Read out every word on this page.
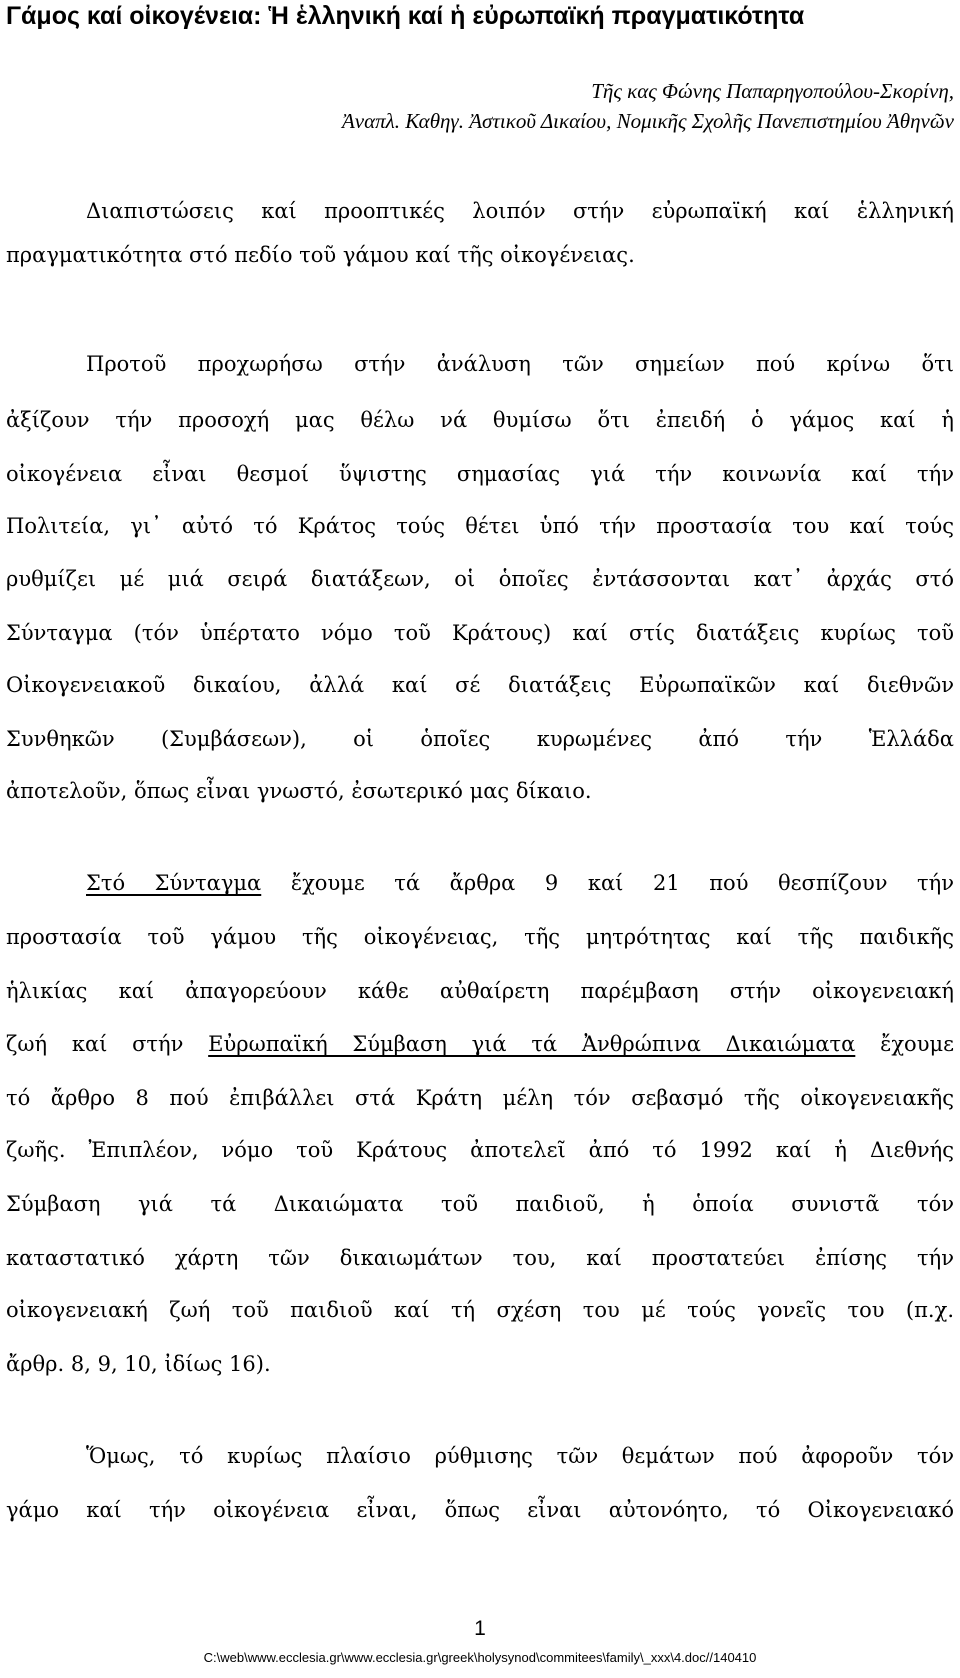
Γάμος καί οἰκογένεια: Ἡ ἑλληνική καί ἡ εὐρωπαϊκή πραγματικότητα
Τῆς κας Φώνης Παπαρηγοπούλου-Σκορίνη,
Ἀναπλ. Καθηγ. Ἀστικοῦ Δικαίου, Νομικῆς Σχολῆς Πανεπιστημίου Ἀθηνῶν
Διαπιστώσεις καί προοπτικές λοιπόν στήν εὐρωπαϊκή καί ἑλληνική
πραγματικότητα στό πεδίο τοῦ γάμου καί τῆς οἰκογένειας.
Προτοῦ προχωρήσω στήν ἀνάλυση τῶν σημείων πού κρίνω ὅτι
ἀξίζουν τήν προσοχή μας θέλω νά θυμίσω ὅτι ἐπειδή ὁ γάμος καί ἡ
οἰκογένεια εἶναι θεσμοί ὕψιστης σημασίας γιά τήν κοινωνία καί τήν
Πολιτεία, γι᾽ αὐτό τό Κράτος τούς θέτει ὑπό τήν προστασία του καί τούς
ρυθμίζει μέ μιά σειρά διατάξεων, οἱ ὁποῖες ἐντάσσονται κατ᾽ ἀρχάς στό
Σύνταγμα (τόν ὑπέρτατο νόμο τοῦ Κράτους) καί στίς διατάξεις κυρίως τοῦ
Οἰκογενειακοῦ δικαίου, ἀλλά καί σέ διατάξεις Εὐρωπαϊκῶν καί διεθνῶν
Συνθηκῶν (Συμβάσεων), οἱ ὁποῖες κυρωμένες ἀπό τήν Ἑλλάδα
ἀποτελοῦν, ὅπως εἶναι γνωστό, ἐσωτερικό μας δίκαιο.
Στό Σύνταγμα ἔχουμε τά ἄρθρα 9 καί 21 πού θεσπίζουν τήν
προστασία τοῦ γάμου τῆς οἰκογένειας, τῆς μητρότητας καί τῆς παιδικῆς
ἡλικίας καί ἀπαγορεύουν κάθε αὐθαίρετη παρέμβαση στήν οἰκογενειακή
ζωή καί στήν Εὐρωπαϊκή Σύμβαση γιά τά Ἀνθρώπινα Δικαιώματα ἔχουμε
τό ἄρθρο 8 πού ἐπιβάλλει στά Κράτη μέλη τόν σεβασμό τῆς οἰκογενειακῆς
ζωῆς. Ἐπιπλέον, νόμο τοῦ Κράτους ἀποτελεῖ ἀπό τό 1992 καί ἡ Διεθνής
Σύμβαση γιά τά Δικαιώματα τοῦ παιδιοῦ, ἡ ὁποία συνιστᾶ τόν
καταστατικό χάρτη τῶν δικαιωμάτων του, καί προστατεύει ἐπίσης τήν
οἰκογενειακή ζωή τοῦ παιδιοῦ καί τή σχέση του μέ τούς γονεῖς του (π.χ.
ἄρθρ. 8, 9, 10, ἰδίως 16).
Ὅμως, τό κυρίως πλαίσιο ρύθμισης τῶν θεμάτων πού ἀφοροῦν τόν
γάμο καί τήν οἰκογένεια εἶναι, ὅπως εἶναι αὐτονόητο, τό Οἰκογενειακό
1
C:\web\www.ecclesia.gr\www.ecclesia.gr\greek\holysynod\commitees\family\_xxx\4.doc//140410
